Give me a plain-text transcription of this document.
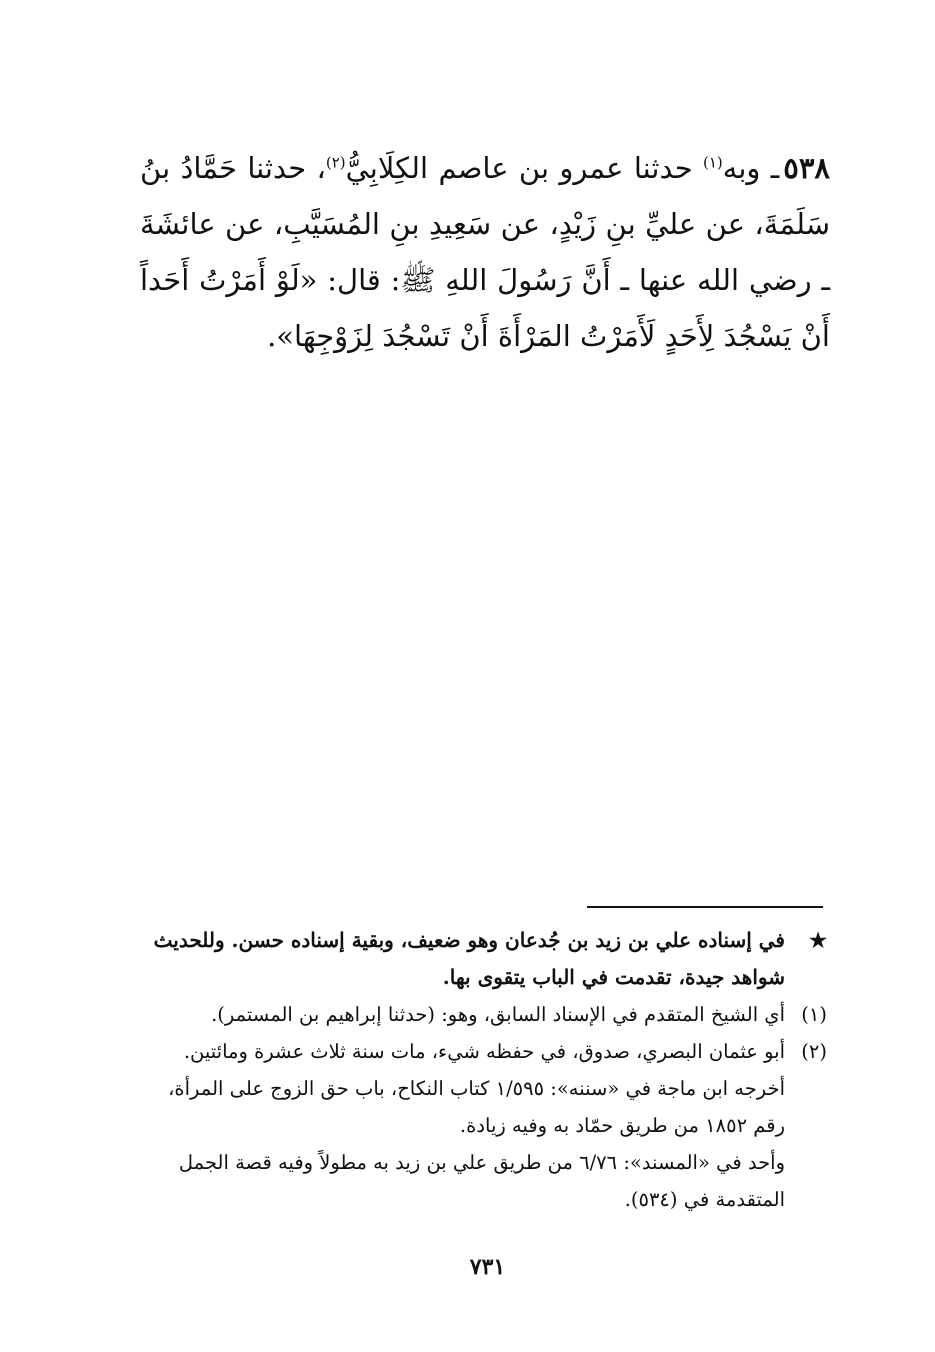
٥٣٨ـ وبه$^{(١)}$ حدثنا عمرو بن عاصم الكِلَابِيُّ$^{(٢)}$، حدثنا حَمَّادُ بنُ سَلَمَةَ، عن عليِّ بنِ زَيْدٍ، عن سَعِيدِ بنِ المُسَيَّبِ، عن عائشَةَ ـ رضي الله عنها ـ أَنَّ رَسُولَ اللهِ ﷺ: قال: «لَوْ أَمَرْتُ أَحَداً أَنْ يَسْجُدَ لِأَحَدٍ لَأَمَرْتُ المَرْأَةَ أَنْ تَسْجُدَ لِزَوْجِهَا».
★

في إسناده علي بن زيد بن جُدعان وهو ضعيف، وبقية إسناده حسن. وللحديث شواهد جيدة، تقدمت في الباب يتقوى بها.

(١)

أي الشيخ المتقدم في الإسناد السابق، وهو: (حدثنا إبراهيم بن المستمر).

(٢)

أبو عثمان البصري، صدوق، في حفظه شيء، مات سنة ثلاث عشرة ومائتين.

أخرجه ابن ماجة في «سننه»: ١/٥٩٥ كتاب النكاح، باب حق الزوج على المرأة، رقم ١٨٥٢ من طريق حمّاد به وفيه زيادة.

وأحد في «المسند»: ٦/٧٦ من طريق علي بن زيد به مطولاً وفيه قصة الجمل المتقدمة في (٥٣٤).

٧٣١
